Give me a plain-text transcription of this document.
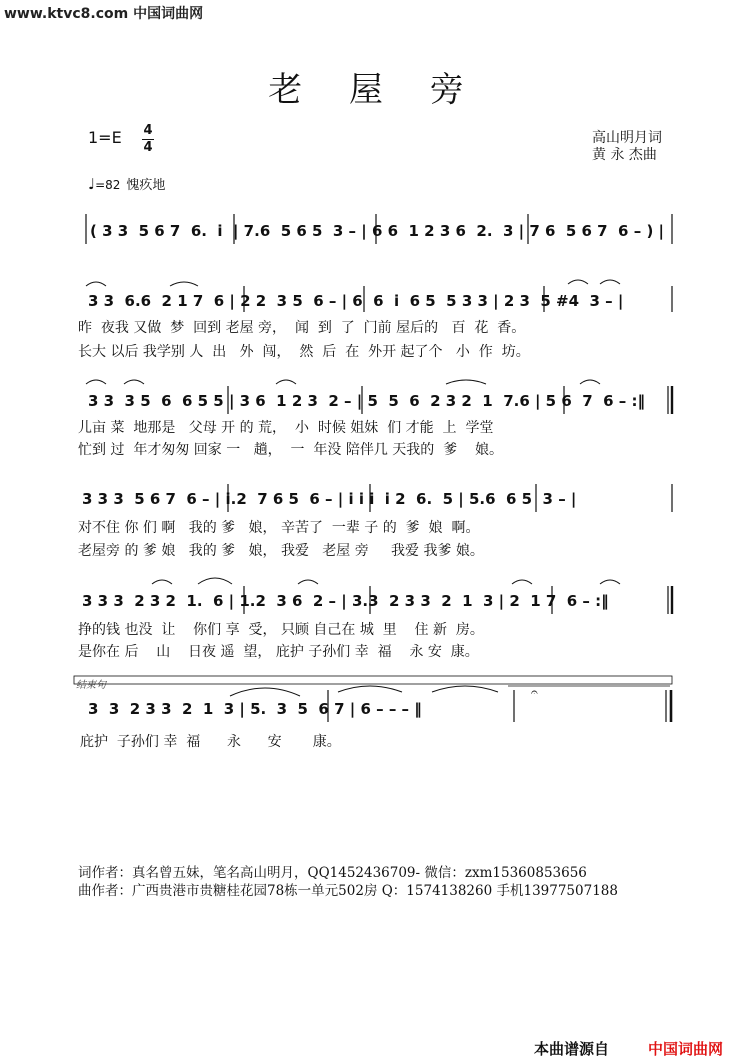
www.ktvc8.com 中国词曲网
老 屋 旁
1=E 4
4
高山明月词
黄 永 杰曲
♩=82 愧疚地
( 3 3  5 6 7  6.  i  | 7.6  5 6 5  3 – | 6 6  1 2 3 6  2.  3 | 7 6  5 6 7  6 – ) |
3 3  6.6  2 1 7  6 | 2 2  3 5  6 – | 6  6  i  6 5  5 3 3 | 2 3  5 #4  3 – |
昨  夜我 又做  梦  回到 老屋 旁，  闻  到  了  门前 屋后的   百  花  香。
长大 以后 我学别 人  出   外  闯，  然  后  在  外开 起了个   小  作  坊。
3 3  3 5  6  6 5 5 | 3 6  1 2 3  2 – | 5  5  6  2 3 2  1  7.6 | 5 6  7  6 – :‖
儿亩 菜  地那是   父母 开 的 荒，  小  时候 姐妹  们 才能  上  学堂
忙到 过  年才匆匆 回家 一   趟，  一  年没 陪伴几 天我的  爹    娘。
3 3 3  5 6 7  6 – | i.2  7 6 5  6 – | i i i  i 2  6.  5 | 5.6  6 5  3 – |
对不住 你 们 啊   我的 爹   娘， 辛苦了  一辈 子 的  爹  娘  啊。
老屋旁 的 爹 娘   我的 爹   娘， 我爱   老屋 旁     我爱 我爹 娘。
3 3 3  2 3 2  1.  6 | 1.2  3 6  2 – | 3.3  2 3 3  2  1  3 | 2  1 7  6 – :‖
挣的钱 也没  让    你们 享  受， 只顾 自己在 城  里    住 新  房。
是你在 后    山    日夜 遥  望， 庇护 子孙们 幸  福    永 安  康。
3  3  2 3 3  2  1  3 | 5.  3  5  6 7 | 6 – – – ‖
庇护  子孙们 幸  福      永      安       康。
𝄐
结束句
词作者：真名曾五妹，笔名高山明月，QQ1452436709- 微信：zxm15360853656
曲作者：广西贵港市贵糖桂花园78栋一单元502房 Q：1574138260 手机13977507188
本曲谱源自	中国词曲网
